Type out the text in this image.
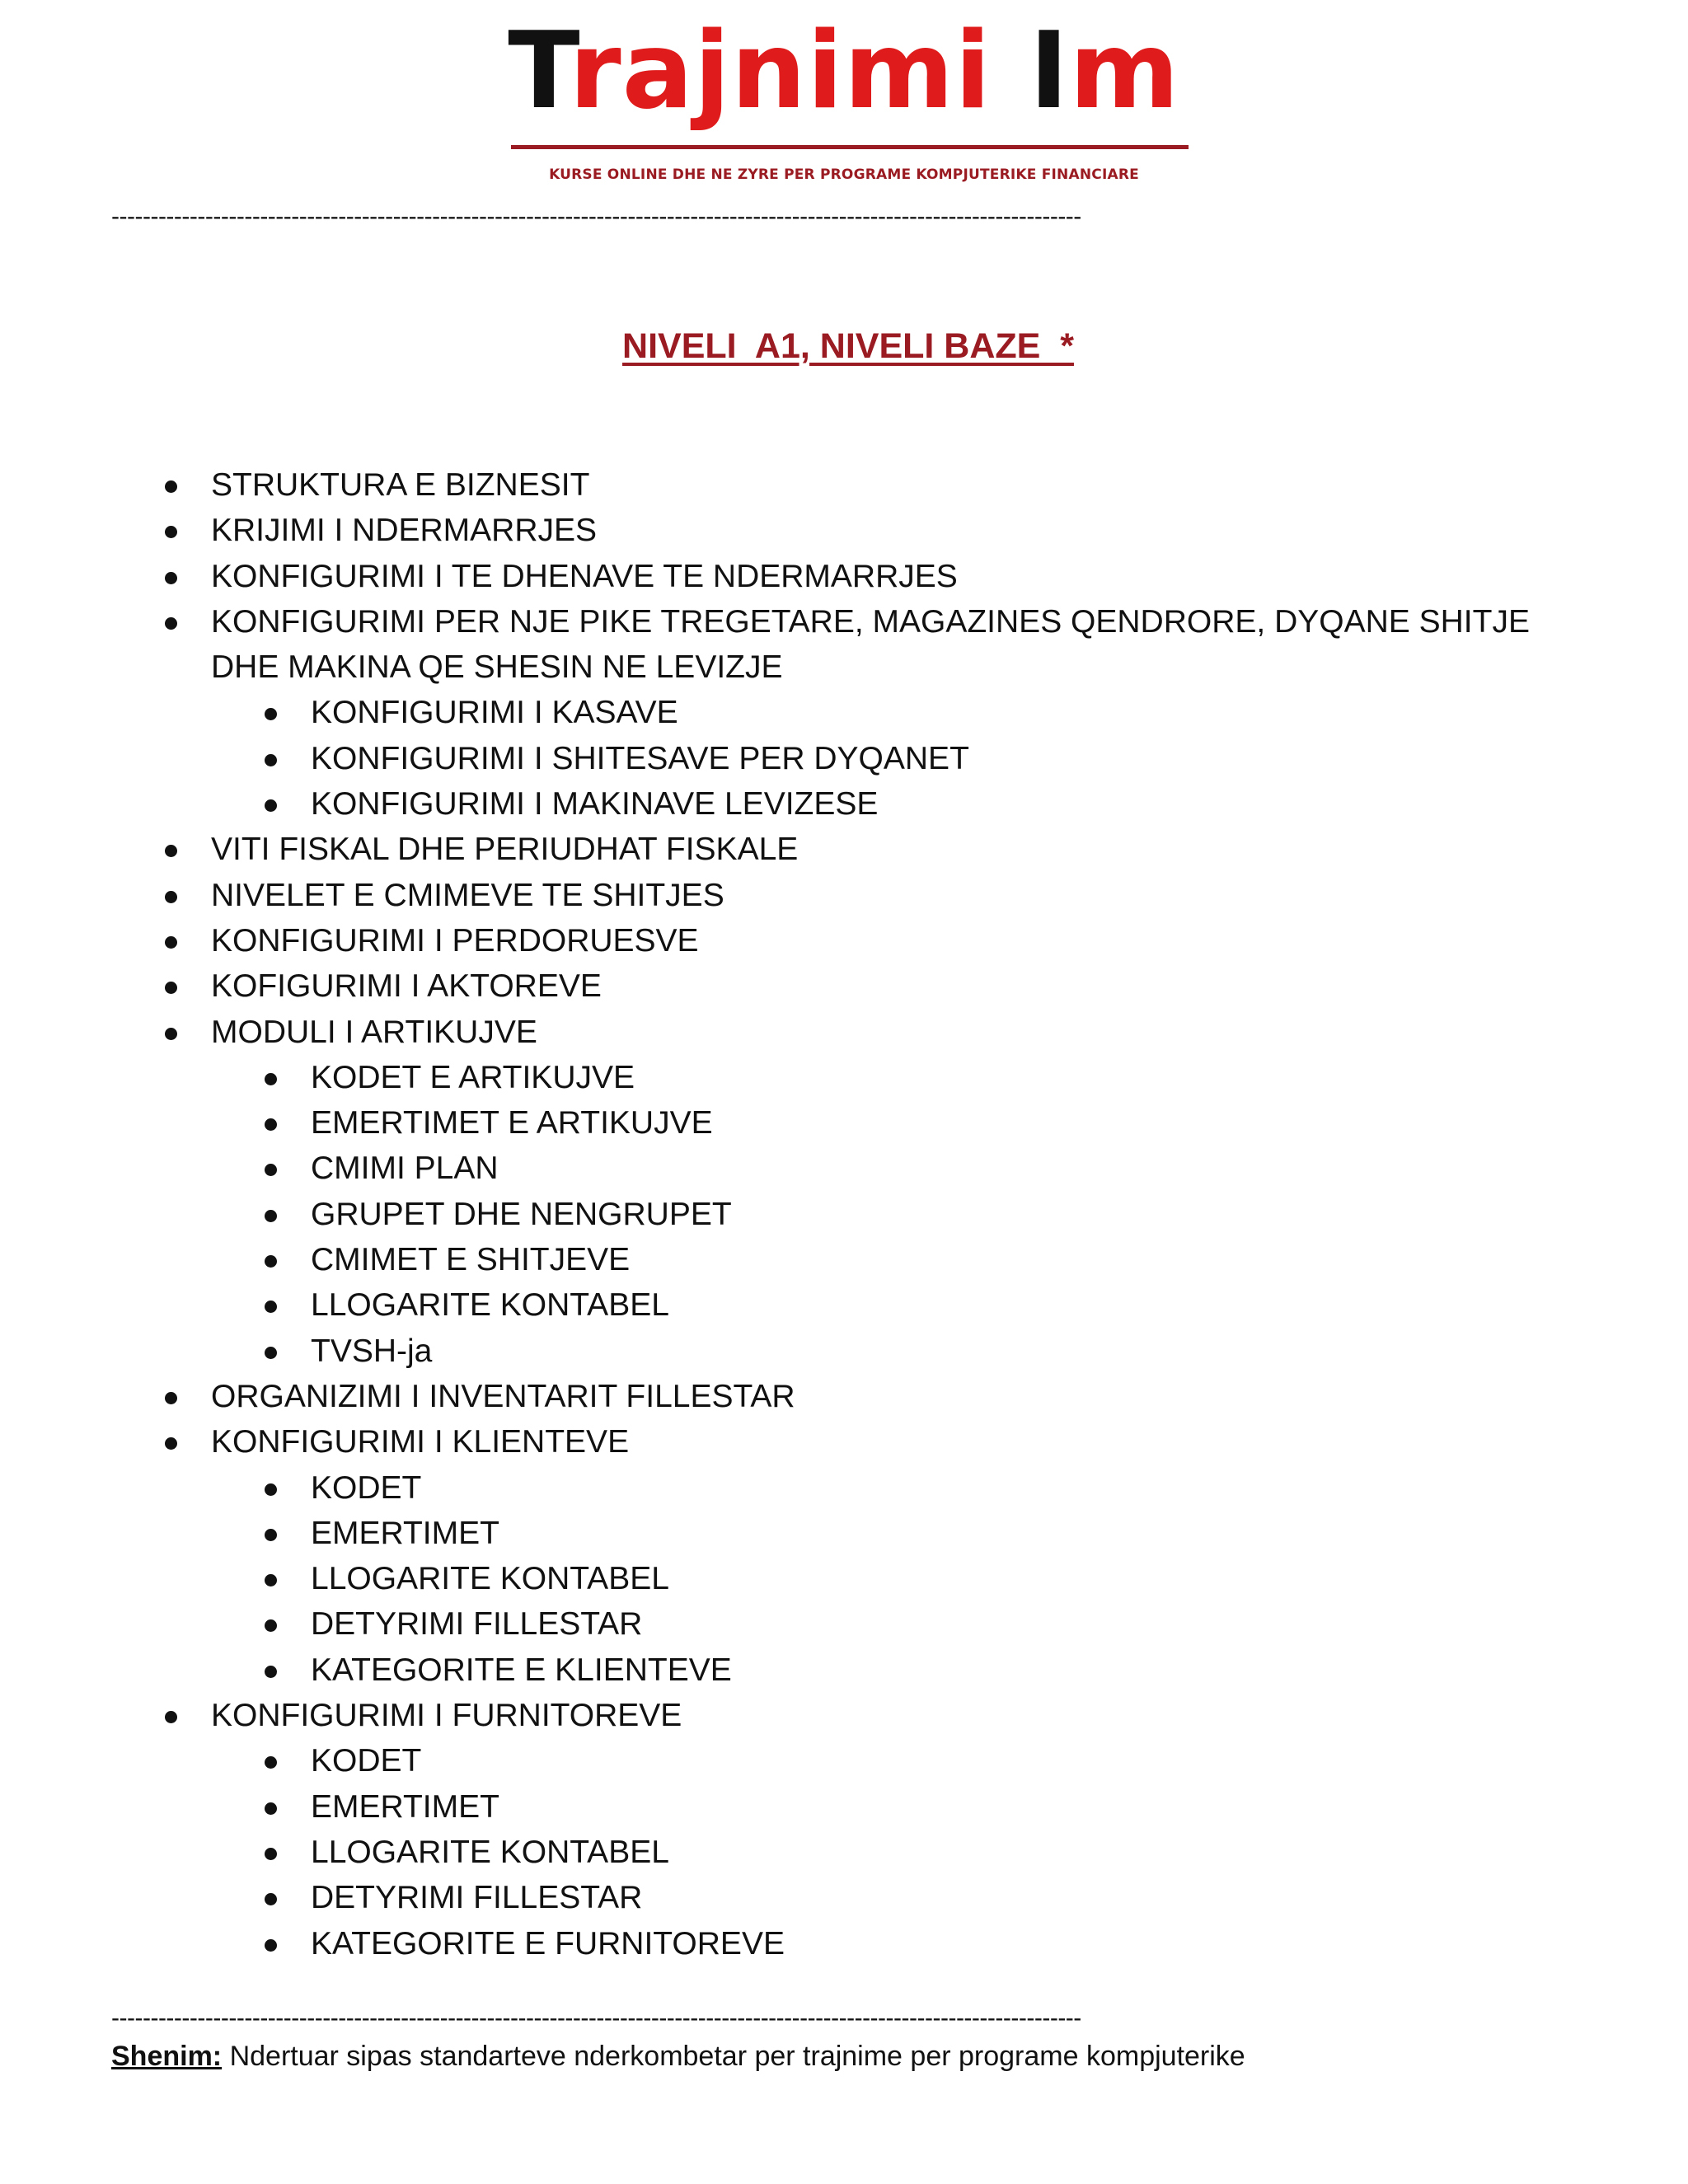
Trajnimi Im
KURSE ONLINE DHE NE ZYRE PER PROGRAME KOMPJUTERIKE FINANCIARE
----------------------------------------------------------------------------------------------------------------------------
NIVELI  A1, NIVELI BAZE  *
STRUKTURA E BIZNESIT
KRIJIMI I NDERMARRJES
KONFIGURIMI I TE DHENAVE TE NDERMARRJES
KONFIGURIMI PER NJE PIKE TREGETARE, MAGAZINES QENDRORE, DYQANE SHITJE DHE MAKINA QE SHESIN NE LEVIZJE
KONFIGURIMI I KASAVE
KONFIGURIMI I SHITESAVE PER DYQANET
KONFIGURIMI I MAKINAVE LEVIZESE
VITI FISKAL DHE PERIUDHAT FISKALE
NIVELET E CMIMEVE TE SHITJES
KONFIGURIMI I PERDORUESVE
KOFIGURIMI I AKTOREVE
MODULI I ARTIKUJVE
KODET E ARTIKUJVE
EMERTIMET E ARTIKUJVE
CMIMI PLAN
GRUPET DHE NENGRUPET
CMIMET E SHITJEVE
LLOGARITE KONTABEL
TVSH-ja
ORGANIZIMI I INVENTARIT FILLESTAR
KONFIGURIMI I KLIENTEVE
KODET
EMERTIMET
LLOGARITE KONTABEL
DETYRIMI FILLESTAR
KATEGORITE E KLIENTEVE
KONFIGURIMI I FURNITOREVE
KODET
EMERTIMET
LLOGARITE KONTABEL
DETYRIMI FILLESTAR
KATEGORITE E FURNITOREVE
----------------------------------------------------------------------------------------------------------------------------
Shenim: Ndertuar sipas standarteve nderkombetar per trajnime per programe kompjuterike
